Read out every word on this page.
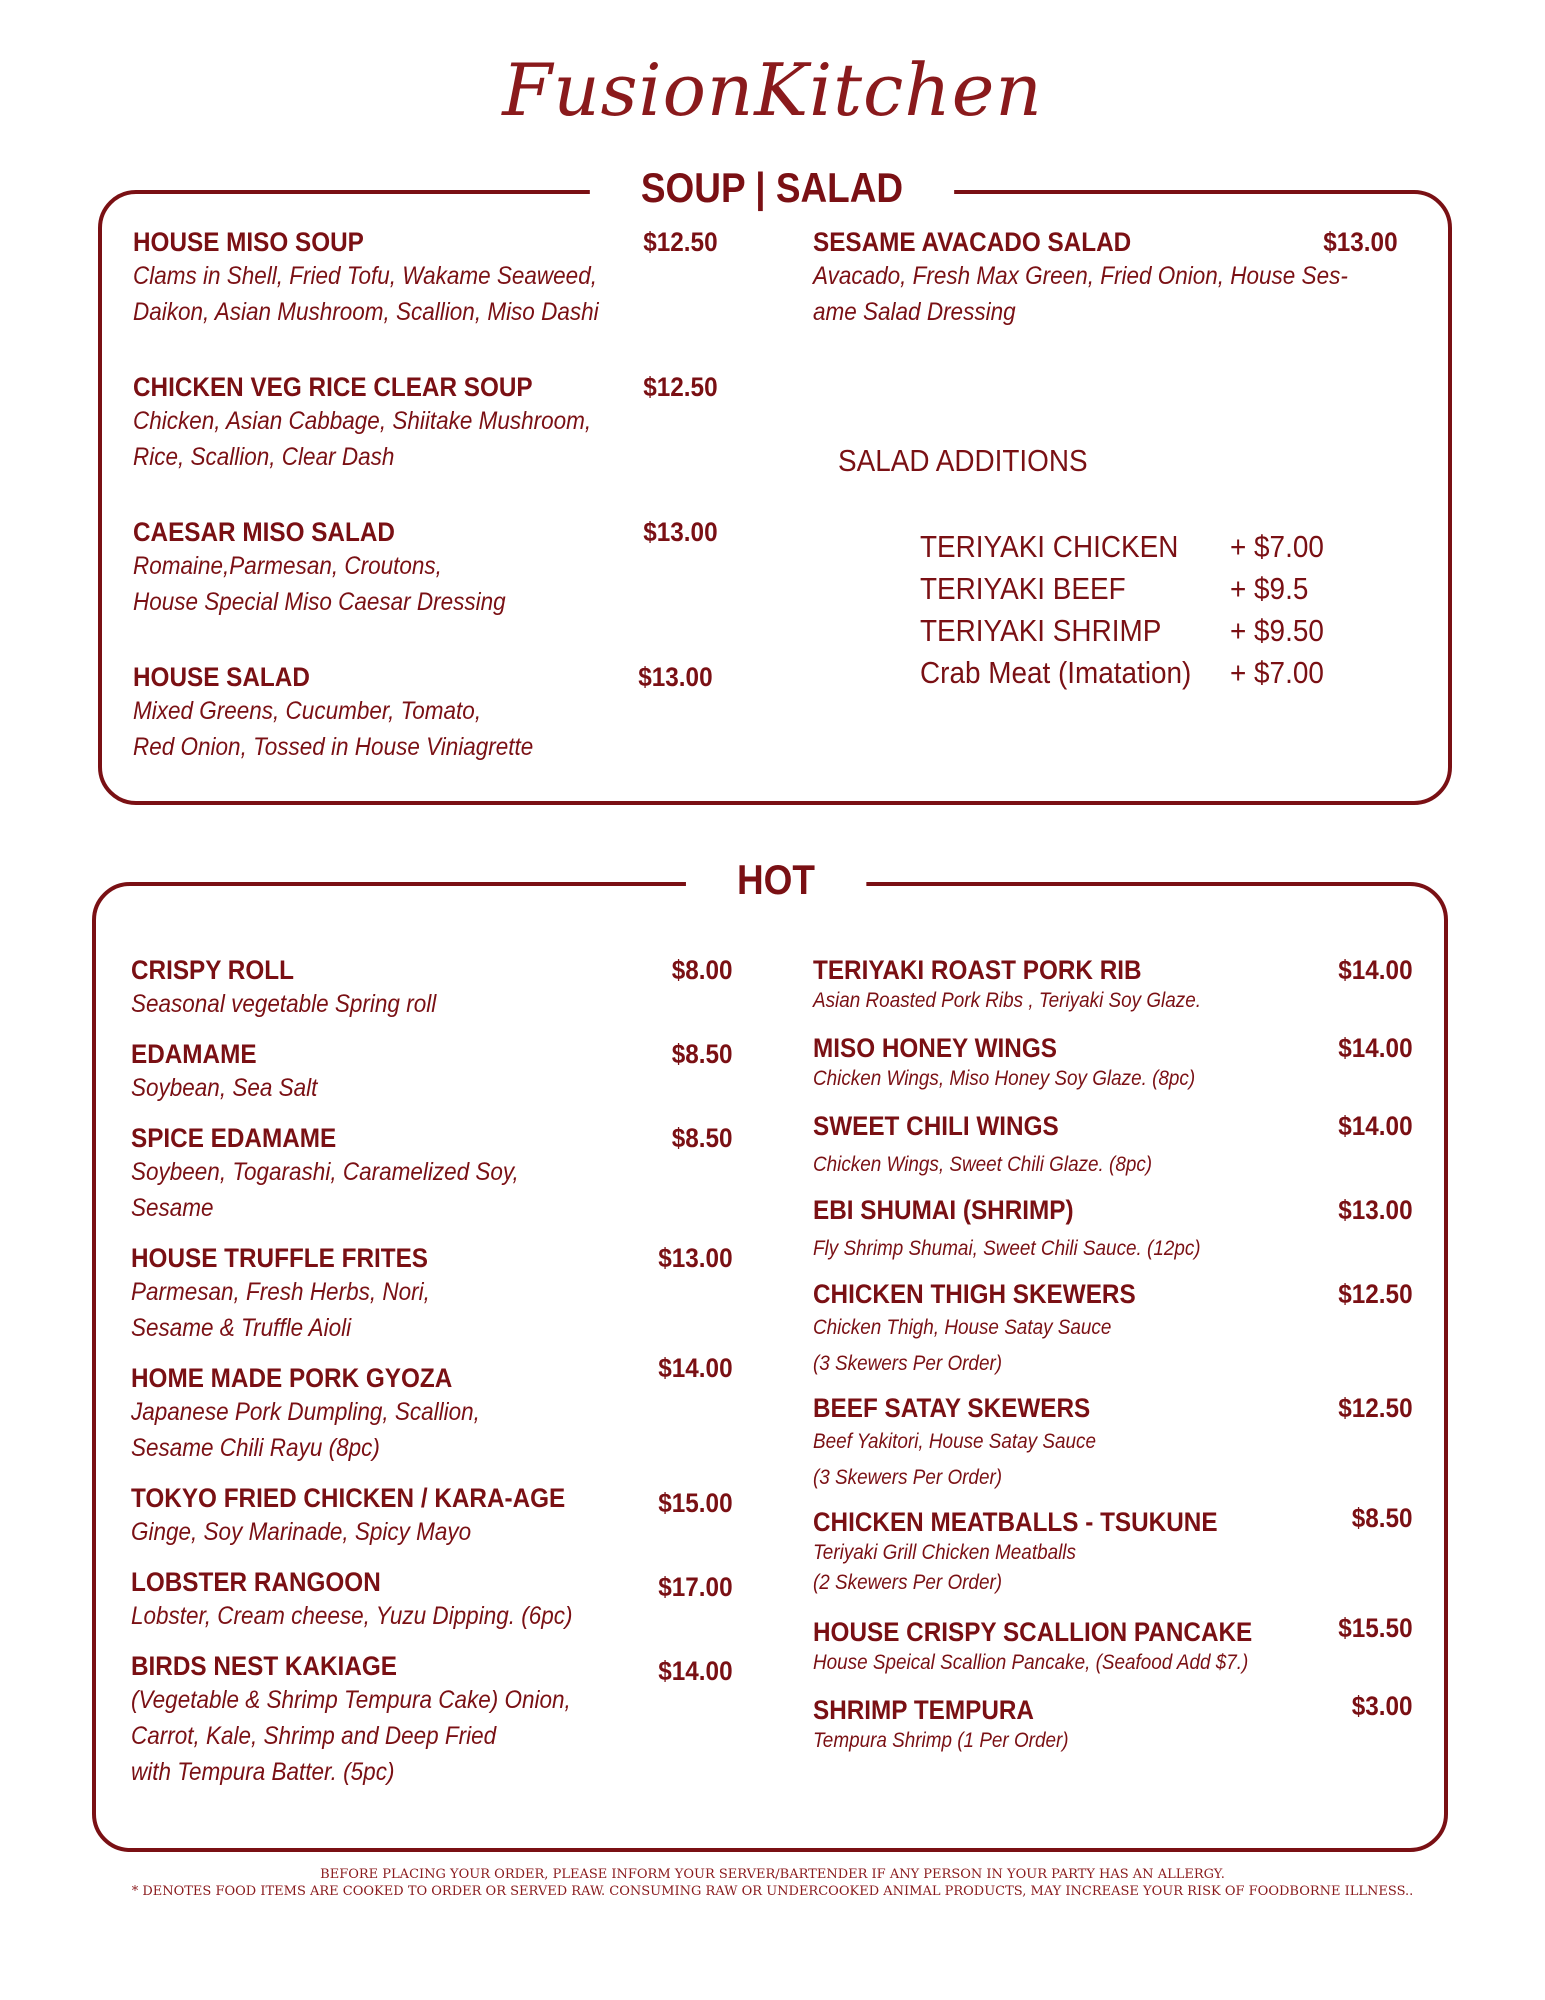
FusionKitchen
SOUP | SALAD
HOUSE MISO SOUP	$12.50
Clams in Shell, Fried Tofu, Wakame Seaweed,
Daikon, Asian Mushroom, Scallion, Miso Dashi
CHICKEN VEG RICE CLEAR SOUP	$12.50
Chicken, Asian Cabbage, Shiitake Mushroom,
Rice, Scallion, Clear Dash
CAESAR MISO SALAD	$13.00
Romaine,Parmesan, Croutons,
House Special Miso Caesar Dressing
HOUSE SALAD	$13.00
Mixed Greens, Cucumber, Tomato,
Red Onion, Tossed in House Viniagrette
SESAME AVACADO SALAD	$13.00
Avacado, Fresh Max Green, Fried Onion, House Ses-
ame Salad Dressing
SALAD ADDITIONS
TERIYAKI CHICKEN + $7.00
TERIYAKI BEEF	+ $9.5
TERIYAKI SHRIMP + $9.50
Crab Meat (Imatation) + $7.00
HOT
CRISPY ROLL	$8.00
Seasonal vegetable Spring roll
EDAMAME	$8.50
Soybean, Sea Salt
SPICE EDAMAME	$8.50
Soybeen, Togarashi, Caramelized Soy,
Sesame
HOUSE TRUFFLE FRITES	$13.00
Parmesan, Fresh Herbs, Nori,
Sesame & Truffle Aioli
HOME MADE PORK GYOZA	$14.00
Japanese Pork Dumpling, Scallion,
Sesame Chili Rayu (8pc)
TOKYO FRIED CHICKEN / KARA-AGE	$15.00
Ginge, Soy Marinade, Spicy Mayo
LOBSTER RANGOON	$17.00
Lobster, Cream cheese, Yuzu Dipping. (6pc)
BIRDS NEST KAKIAGE	$14.00
(Vegetable & Shrimp Tempura Cake) Onion,
Carrot, Kale, Shrimp and Deep Fried
with Tempura Batter. (5pc)
TERIYAKI ROAST PORK RIB	$14.00
Asian Roasted Pork Ribs , Teriyaki Soy Glaze.
MISO HONEY WINGS	$14.00
Chicken Wings, Miso Honey Soy Glaze. (8pc)
SWEET CHILI WINGS	$14.00
Chicken Wings, Sweet Chili Glaze. (8pc)
EBI SHUMAI (SHRIMP)	$13.00
Fly Shrimp Shumai, Sweet Chili Sauce. (12pc)
CHICKEN THIGH SKEWERS	$12.50
Chicken Thigh, House Satay Sauce
(3 Skewers Per Order)
BEEF SATAY SKEWERS	$12.50
Beef Yakitori, House Satay Sauce
(3 Skewers Per Order)
CHICKEN MEATBALLS - TSUKUNE	$8.50
Teriyaki Grill Chicken Meatballs
(2 Skewers Per Order)
HOUSE CRISPY SCALLION PANCAKE	$15.50
House Speical Scallion Pancake, (Seafood Add $7.)
SHRIMP TEMPURA	$3.00
Tempura Shrimp (1 Per Order)
BEFORE PLACING YOUR ORDER, PLEASE INFORM YOUR SERVER/BARTENDER IF ANY PERSON IN YOUR PARTY HAS AN ALLERGY.
* DENOTES FOOD ITEMS ARE COOKED TO ORDER OR SERVED RAW. CONSUMING RAW OR UNDERCOOKED ANIMAL PRODUCTS, MAY INCREASE YOUR RISK OF FOODBORNE ILLNESS..
